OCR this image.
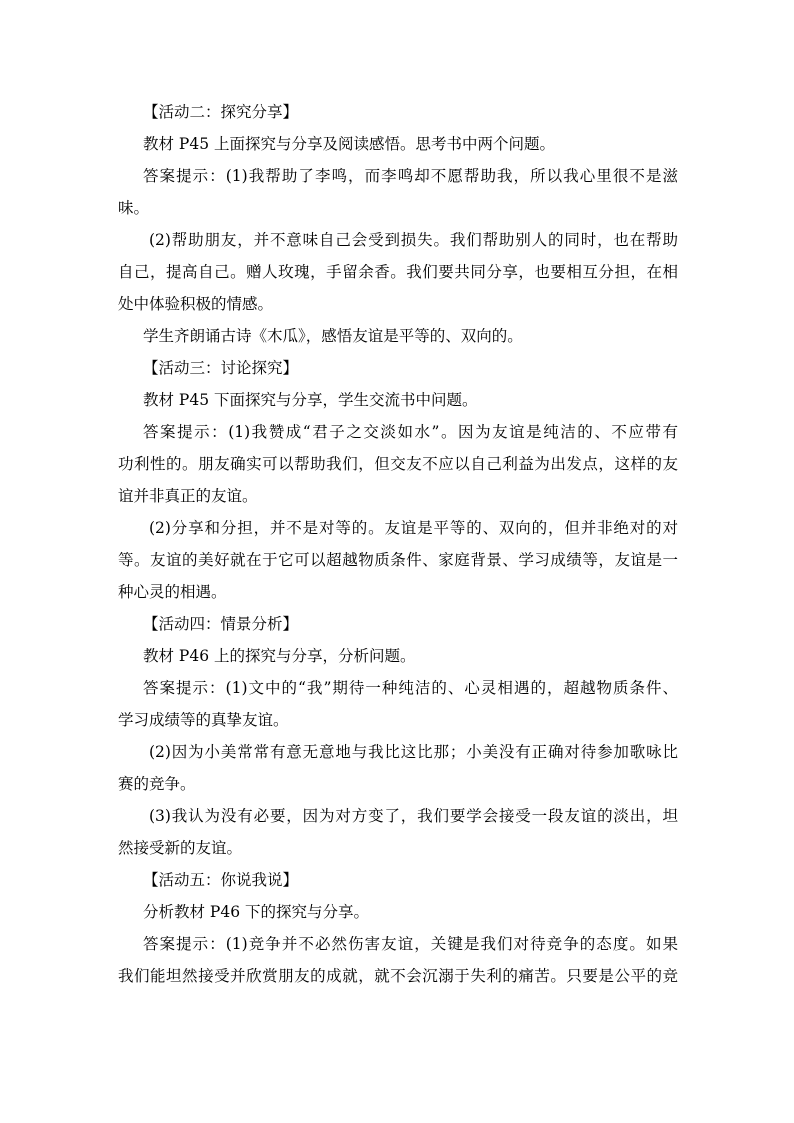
【活动二：探究分享】
教材 P45 上面探究与分享及阅读感悟。思考书中两个问题。
答案提示：(1)我帮助了李鸣，而李鸣却不愿帮助我，所以我心里很不是滋
味。
(2)帮助朋友，并不意味自己会受到损失。我们帮助别人的同时，也在帮助
自己，提高自己。赠人玫瑰，手留余香。我们要共同分享，也要相互分担，在相
处中体验积极的情感。
学生齐朗诵古诗《木瓜》，感悟友谊是平等的、双向的。
【活动三：讨论探究】
教材 P45 下面探究与分享，学生交流书中问题。
答案提示：(1)我赞成“君子之交淡如水”。因为友谊是纯洁的、不应带有
功利性的。朋友确实可以帮助我们，但交友不应以自己利益为出发点，这样的友
谊并非真正的友谊。
(2)分享和分担，并不是对等的。友谊是平等的、双向的，但并非绝对的对
等。友谊的美好就在于它可以超越物质条件、家庭背景、学习成绩等，友谊是一
种心灵的相遇。
【活动四：情景分析】
教材 P46 上的探究与分享，分析问题。
答案提示：(1)文中的“我”期待一种纯洁的、心灵相遇的，超越物质条件、
学习成绩等的真挚友谊。
(2)因为小美常常有意无意地与我比这比那；小美没有正确对待参加歌咏比
赛的竞争。
(3)我认为没有必要，因为对方变了，我们要学会接受一段友谊的淡出，坦
然接受新的友谊。
【活动五：你说我说】
分析教材 P46 下的探究与分享。
答案提示：(1)竞争并不必然伤害友谊，关键是我们对待竞争的态度。如果
我们能坦然接受并欣赏朋友的成就，就不会沉溺于失利的痛苦。只要是公平的竞
